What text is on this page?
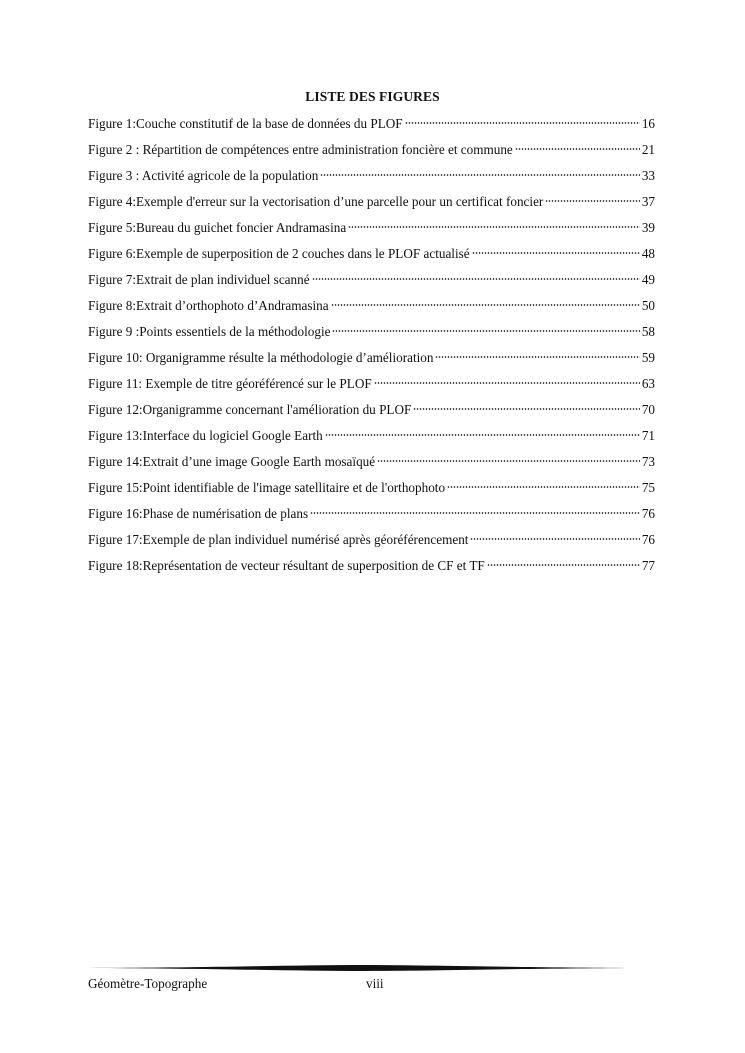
LISTE DES FIGURES
Figure 1:Couche constitutif de la base de données du PLOF	16
Figure 2 : Répartition de compétences entre administration foncière et commune	21
Figure 3 : Activité agricole de la population	33
Figure 4:Exemple d'erreur sur la vectorisation d’une parcelle pour un certificat foncier	37
Figure 5:Bureau du guichet foncier Andramasina	39
Figure 6:Exemple de superposition de 2 couches dans le PLOF actualisé	48
Figure 7:Extrait de plan individuel scanné	49
Figure 8:Extrait d’orthophoto d’Andramasina	50
Figure 9 :Points essentiels de la méthodologie	58
Figure 10: Organigramme résulte la méthodologie d’amélioration	59
Figure 11: Exemple de titre géoréférencé sur le PLOF	63
Figure 12:Organigramme concernant l'amélioration du PLOF	70
Figure 13:Interface du logiciel Google Earth	71
Figure 14:Extrait d’une image Google Earth mosaïqué	73
Figure 15:Point identifiable de l'image satellitaire et de l'orthophoto	75
Figure 16:Phase de numérisation de plans	76
Figure 17:Exemple de plan individuel numérisé après géoréférencement	76
Figure 18:Représentation de vecteur résultant de superposition de CF et TF	77
Géomètre-Topographe	viii
